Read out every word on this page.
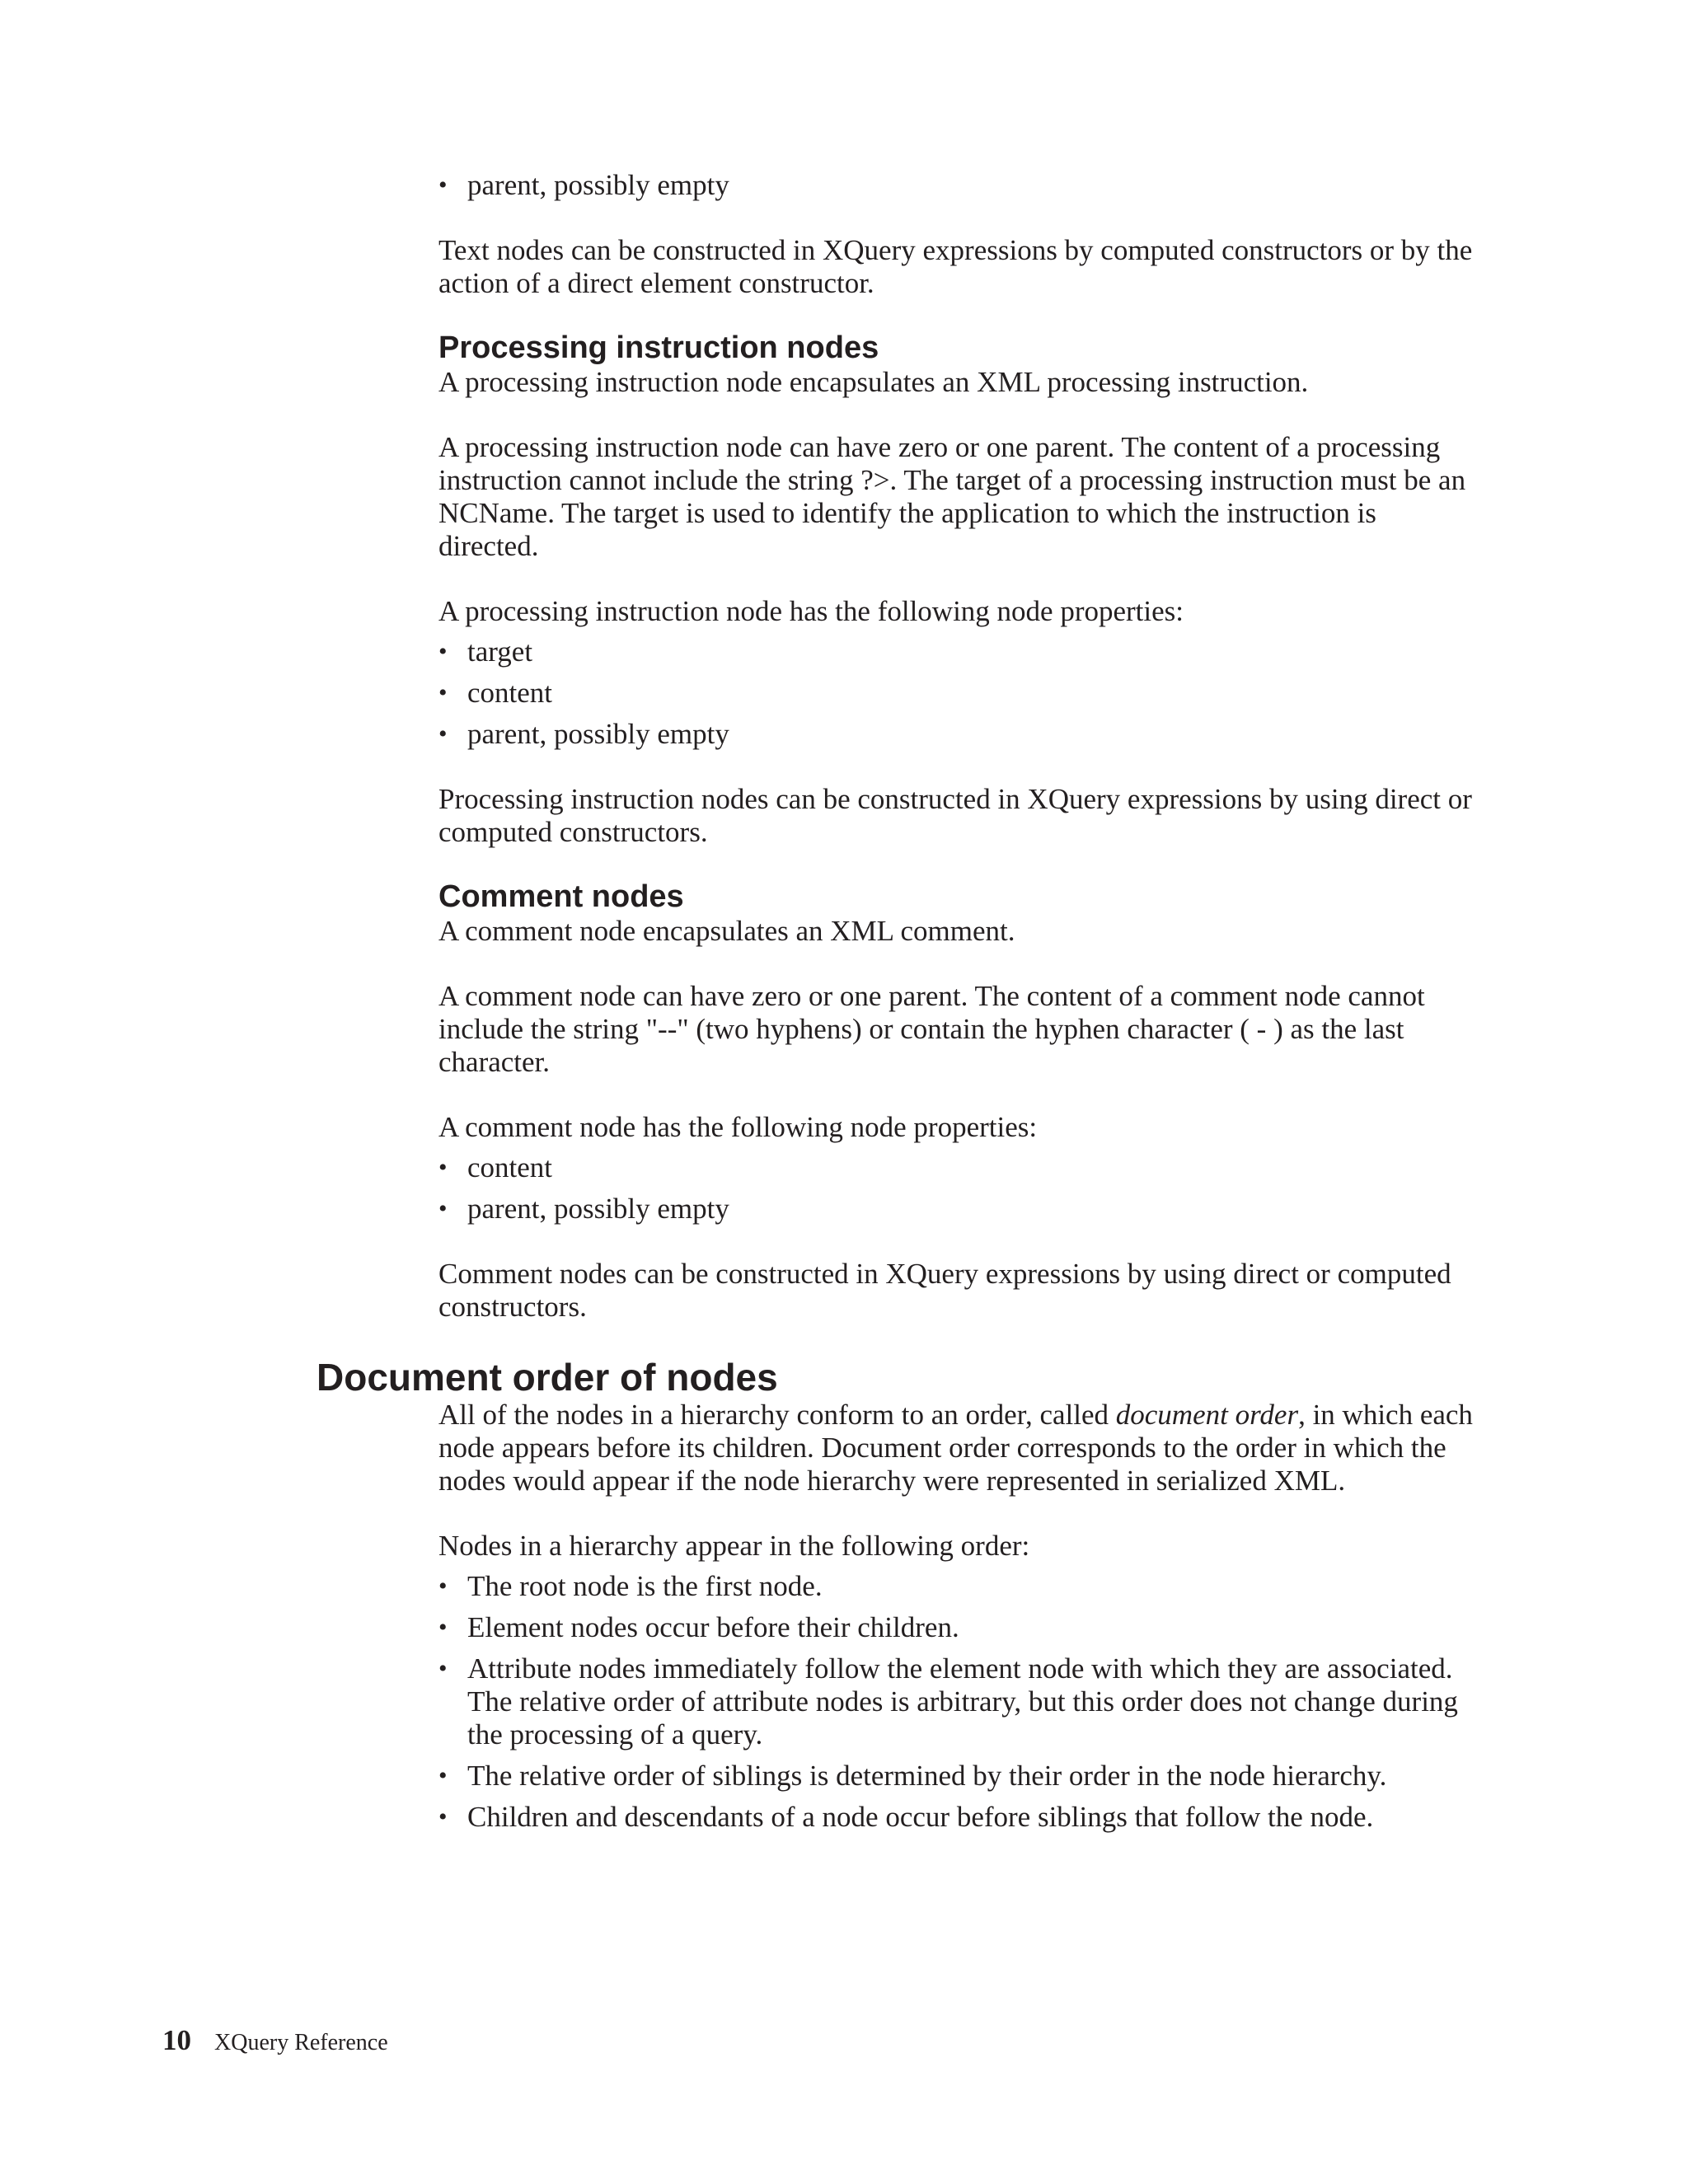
• parent, possibly empty

Text nodes can be constructed in XQuery expressions by computed constructors or by the action of a direct element constructor.

Processing instruction nodes

A processing instruction node encapsulates an XML processing instruction.

A processing instruction node can have zero or one parent. The content of a processing instruction cannot include the string ?>. The target of a processing instruction must be an NCName. The target is used to identify the application to which the instruction is directed.

A processing instruction node has the following node properties:

• target
• content
• parent, possibly empty

Processing instruction nodes can be constructed in XQuery expressions by using direct or computed constructors.

Comment nodes

A comment node encapsulates an XML comment.

A comment node can have zero or one parent. The content of a comment node cannot include the string "--" (two hyphens) or contain the hyphen character ( - ) as the last character.

A comment node has the following node properties:

• content
• parent, possibly empty

Comment nodes can be constructed in XQuery expressions by using direct or computed constructors.

Document order of nodes

All of the nodes in a hierarchy conform to an order, called document order, in which each node appears before its children. Document order corresponds to the order in which the nodes would appear if the node hierarchy were represented in serialized XML.

Nodes in a hierarchy appear in the following order:

• The root node is the first node.
• Element nodes occur before their children.
• Attribute nodes immediately follow the element node with which they are associated. The relative order of attribute nodes is arbitrary, but this order does not change during the processing of a query.
• The relative order of siblings is determined by their order in the node hierarchy.
• Children and descendants of a node occur before siblings that follow the node.
10 XQuery Reference
